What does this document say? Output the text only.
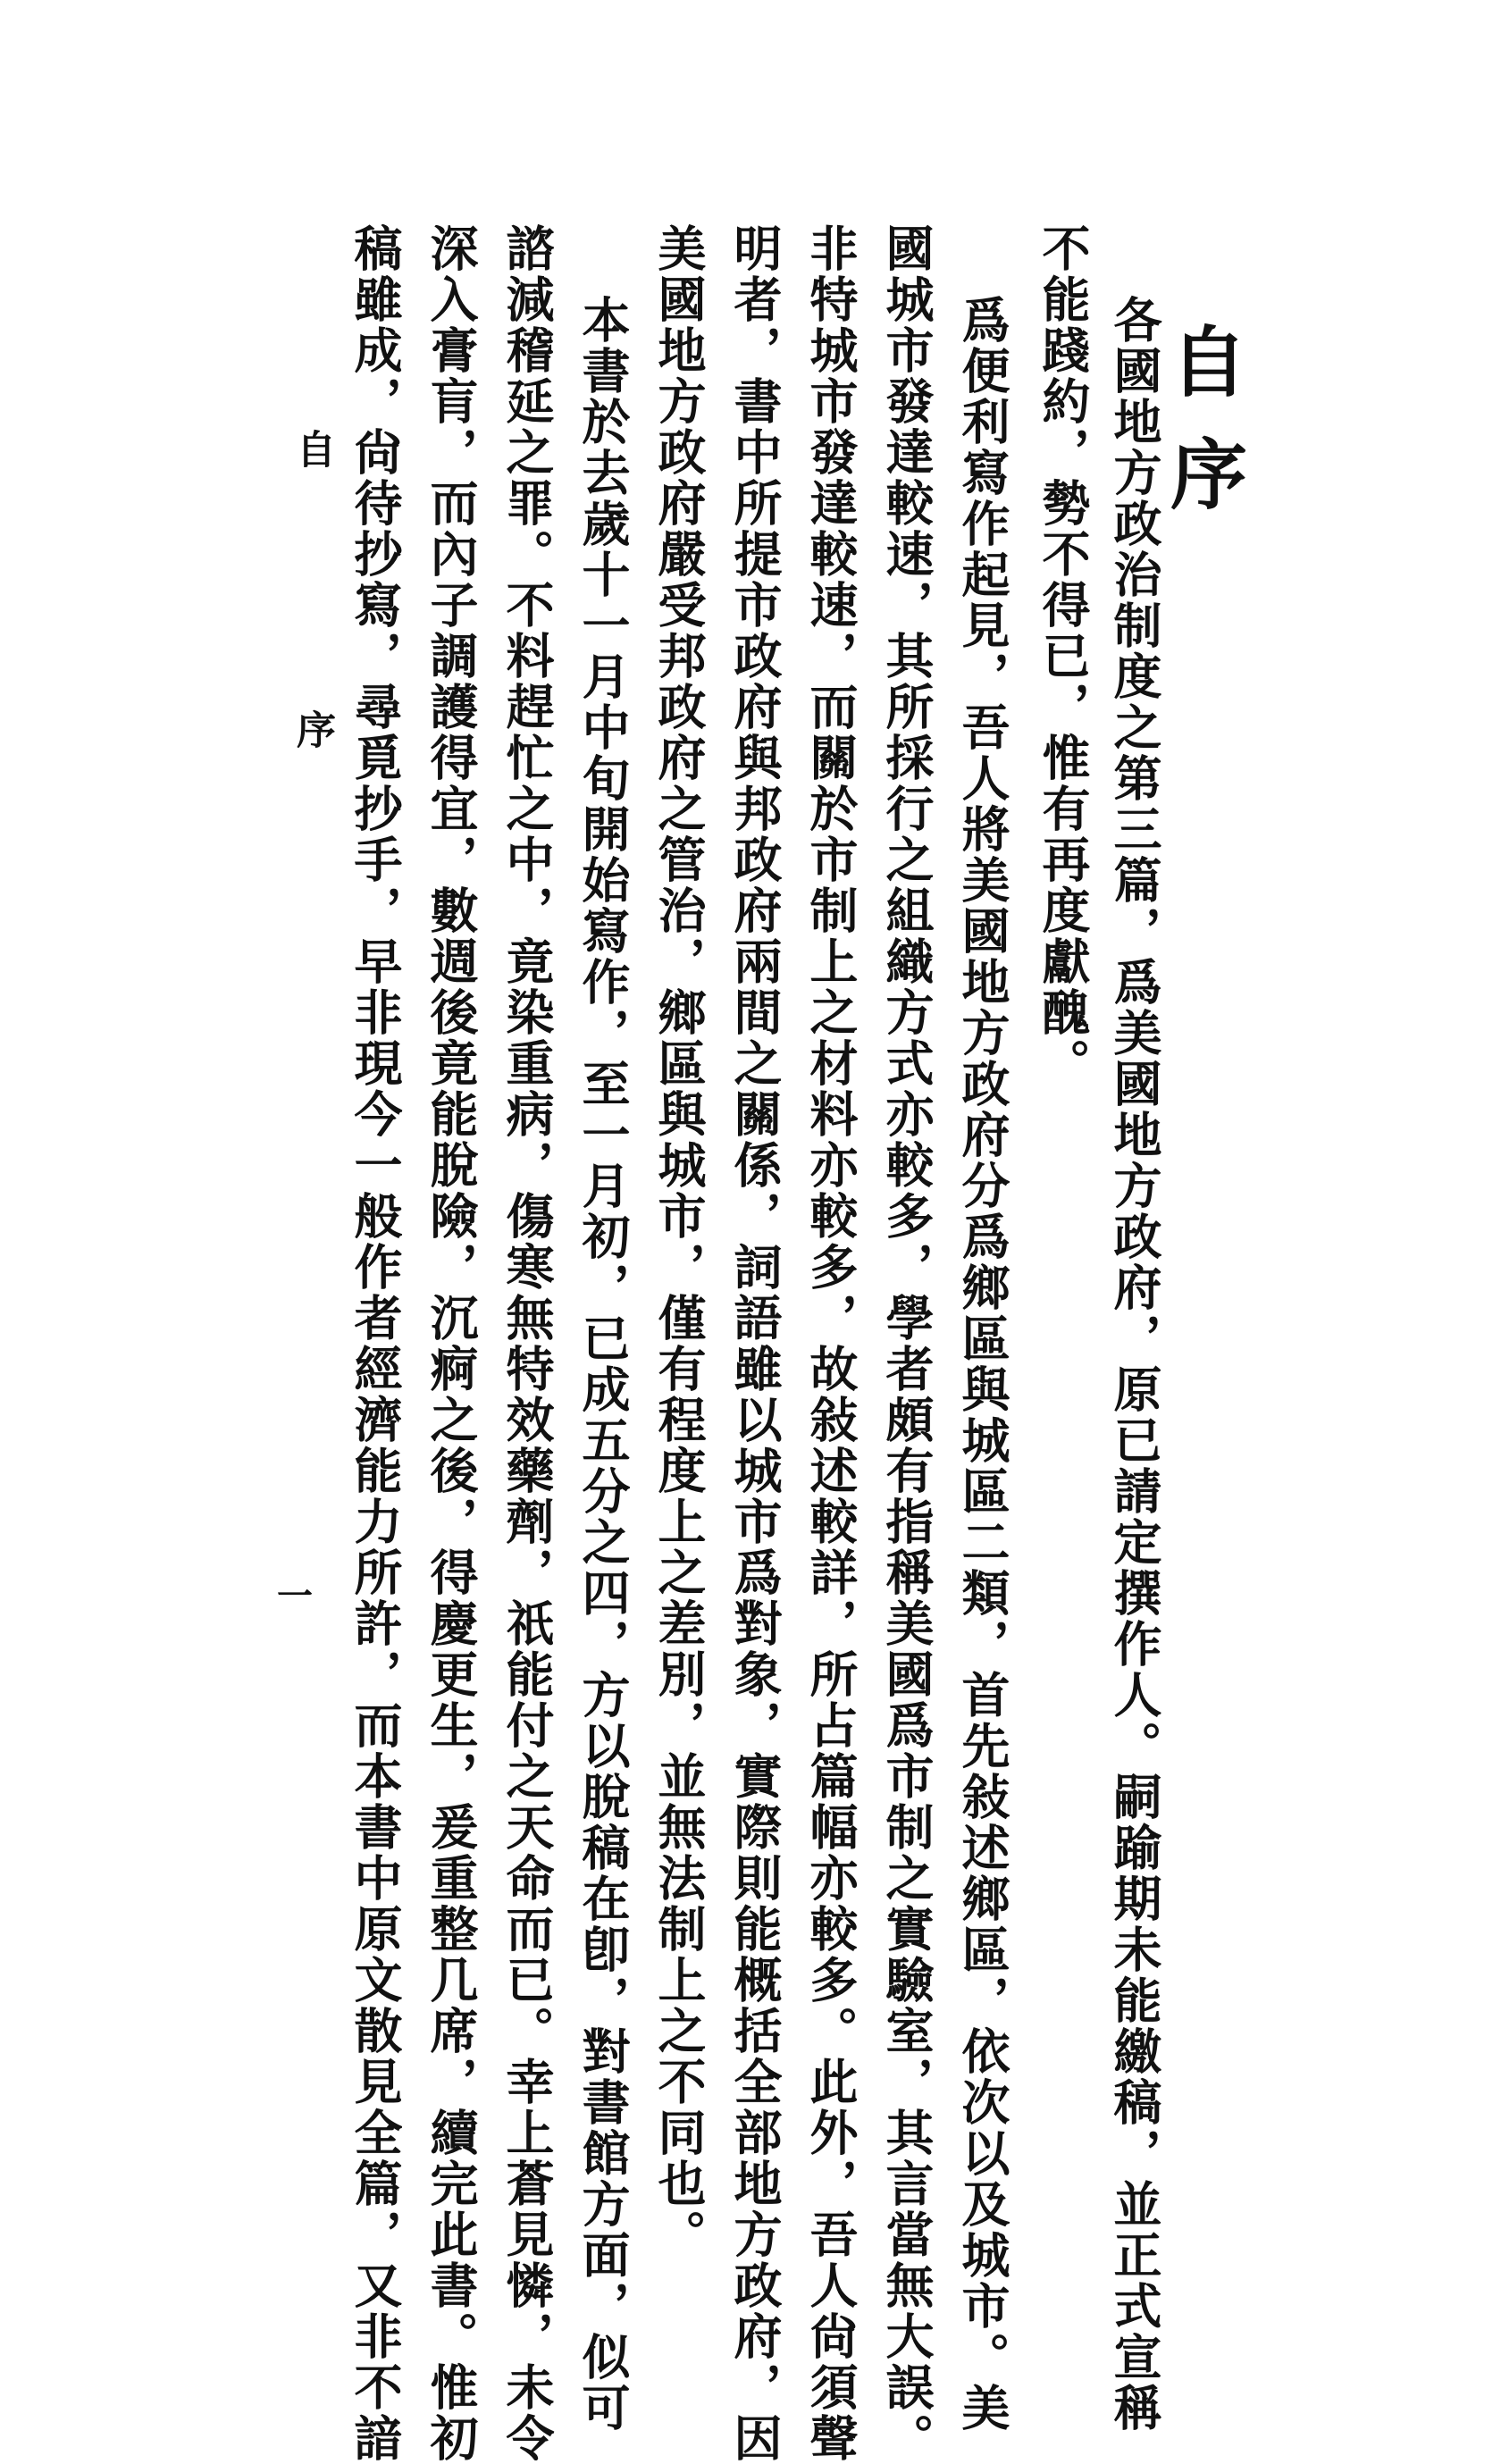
自序
各國地方政治制度之第三篇，爲美國地方政府，原已請定撰作人。嗣踰期未能繳稿，並正式宣稱
不能踐約，勢不得已，惟有再度獻醜。
爲便利寫作起見，吾人將美國地方政府分爲鄉區與城區二類，首先敍述鄉區，依次以及城市。美
國城市發達較速，其所採行之組織方式亦較多，學者頗有指稱美國爲市制之實驗室，其言當無大誤。
非特城市發達較速，而關於市制上之材料亦較多，故敍述較詳，所占篇幅亦較多。此外，吾人尙須聲
明者，書中所提市政府與邦政府兩間之關係，詞語雖以城市爲對象，實際則能概括全部地方政府，因
美國地方政府嚴受邦政府之管治，鄉區與城市，僅有程度上之差別，並無法制上之不同也。
本書於去歲十一月中旬開始寫作，至一月初，已成五分之四，方以脫稿在卽，對書館方面，似可
諮減稽延之罪。不料趕忙之中，竟染重病，傷寒無特效藥劑，祇能付之天命而已。幸上蒼見憐，未令
深入膏肓，而內子調護得宜，數週後竟能脫險，沉痾之後，得慶更生，爰重整几席，續完此書。惟初
稿雖成，尙待抄寫，尋覓抄手，早非現今一般作者經濟能力所許，而本書中原文散見全篇，又非不諳
自序
一
